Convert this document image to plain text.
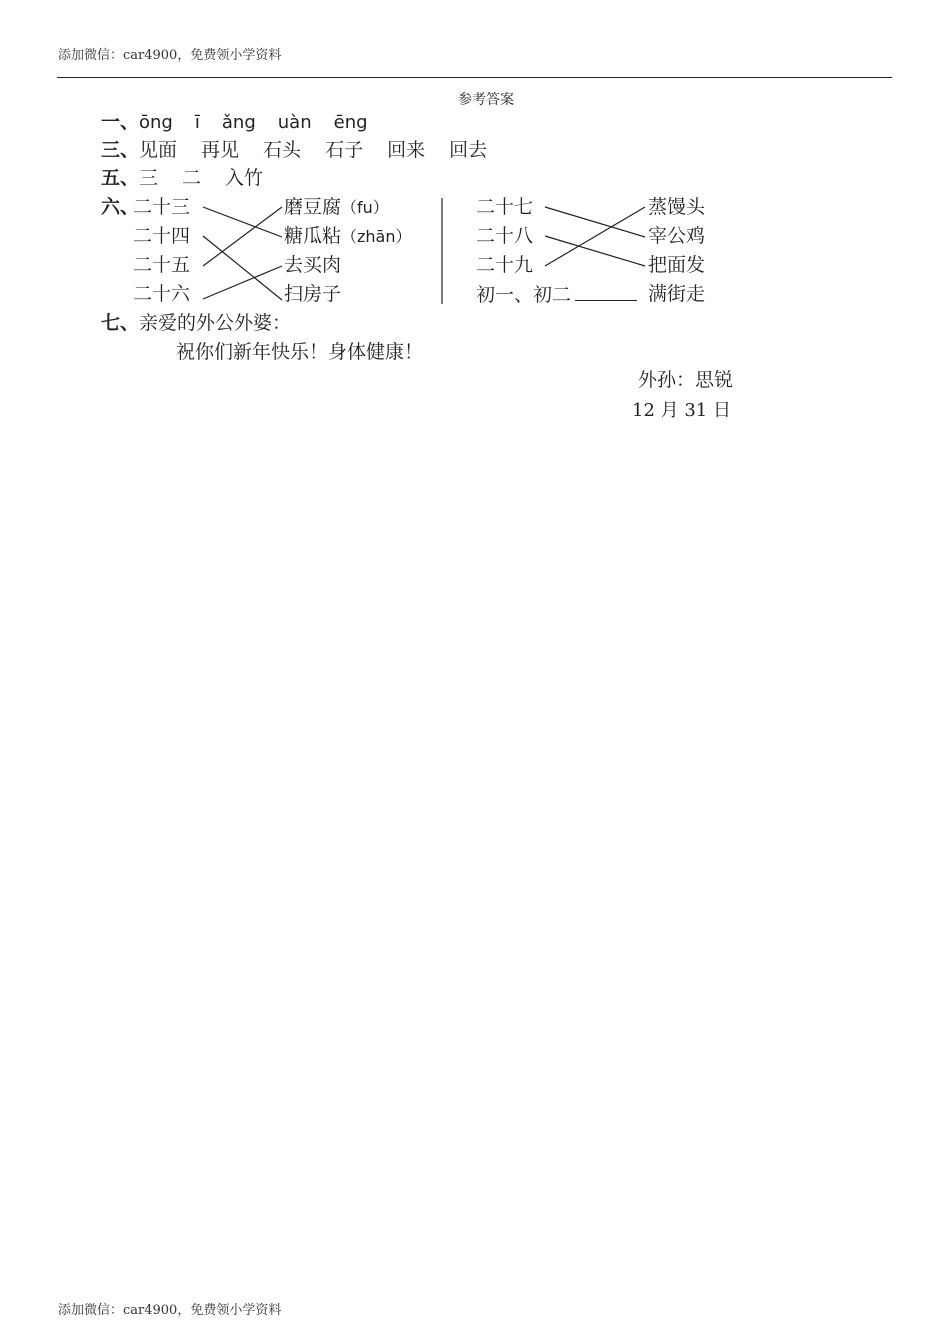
添加微信：car4900，免费领小学资料
参考答案
一、ōng ī ǎng uàn ēng
三、见面 再见 石头 石子 回来 回去
五、三 二 入竹
六、
二十三
二十四
二十五
二十六
磨豆腐（fu）
糖瓜粘（zhān）
去买肉
扫房子
二十七
二十八
二十九
初一、初二
蒸馒头
宰公鸡
把面发
满街走
七、亲爱的外公外婆：
祝你们新年快乐！身体健康！
外孙：思锐
12 月 31 日
添加微信：car4900，免费领小学资料
